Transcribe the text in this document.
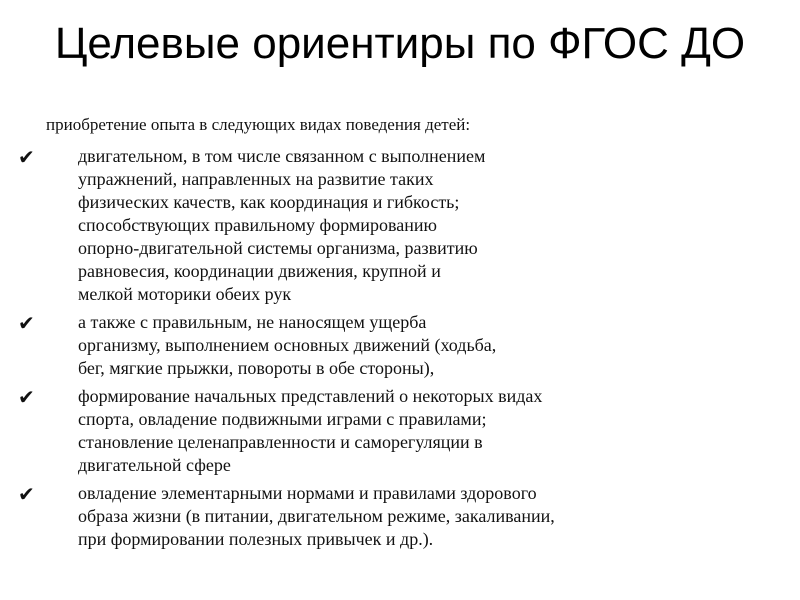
Целевые ориентиры по ФГОС ДО

приобретение опыта в следующих видах поведения детей:

✔ двигательном, в том числе связанном с выполнением
упражнений, направленных на развитие таких
физических качеств, как координация и гибкость;
способствующих правильному формированию
опорно-двигательной системы организма, развитию
равновесия, координации движения, крупной и
мелкой моторики обеих рук
✔ а также с правильным, не наносящем ущерба
организму, выполнением основных движений (ходьба,
бег, мягкие прыжки, повороты в обе стороны),
✔ формирование начальных представлений о некоторых видах
спорта, овладение подвижными играми с правилами;
становление целенаправленности и саморегуляции в
двигательной сфере
✔ овладение элементарными нормами и правилами здорового
образа жизни (в питании, двигательном режиме, закаливании,
при формировании полезных привычек и др.).
